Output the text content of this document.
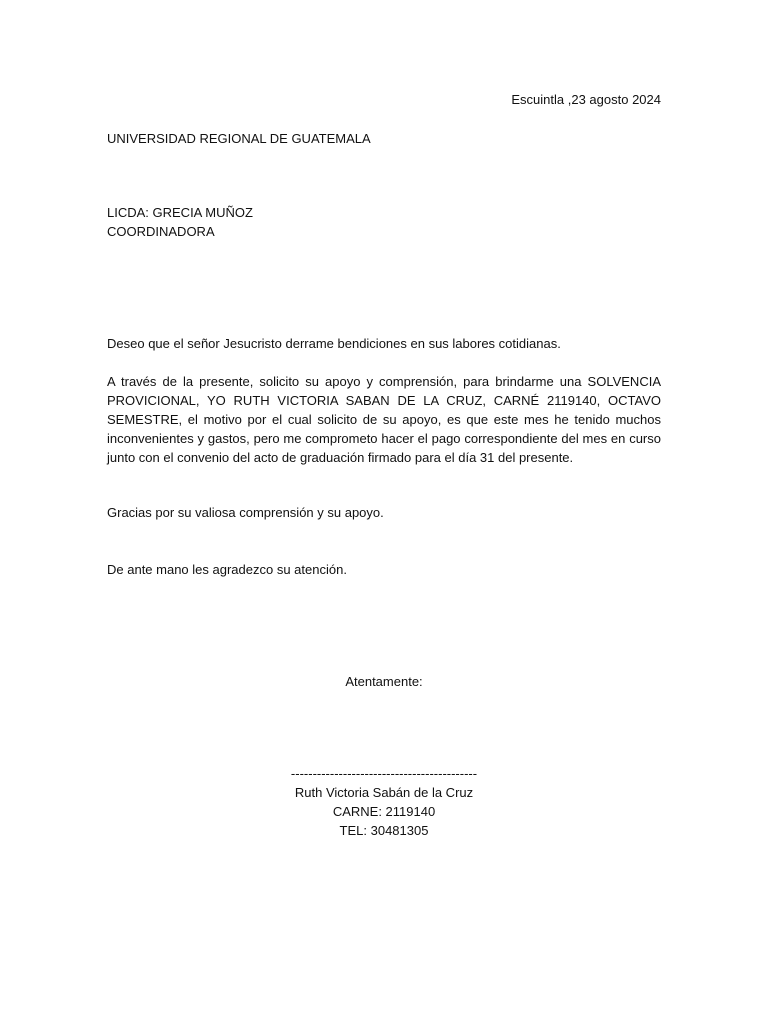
Escuintla ,23 agosto 2024

UNIVERSIDAD REGIONAL DE GUATEMALA

LICDA: GRECIA MUÑOZ
COORDINADORA

Deseo que el señor Jesucristo derrame bendiciones en sus labores cotidianas.

A través de la presente, solicito su apoyo y comprensión, para brindarme una SOLVENCIA PROVICIONAL, YO RUTH VICTORIA SABAN DE LA CRUZ, CARNÉ 2119140, OCTAVO SEMESTRE, el motivo por el cual solicito de su apoyo, es que este mes he tenido muchos inconvenientes y gastos, pero me comprometo hacer el pago correspondiente del mes en curso junto con el convenio del acto de graduación firmado para el día 31 del presente.

Gracias por su valiosa comprensión y su apoyo.

De ante mano les agradezco su atención.

Atentamente:

-------------------------------------------
Ruth Victoria Sabán de la Cruz
CARNE: 2119140
TEL: 30481305
